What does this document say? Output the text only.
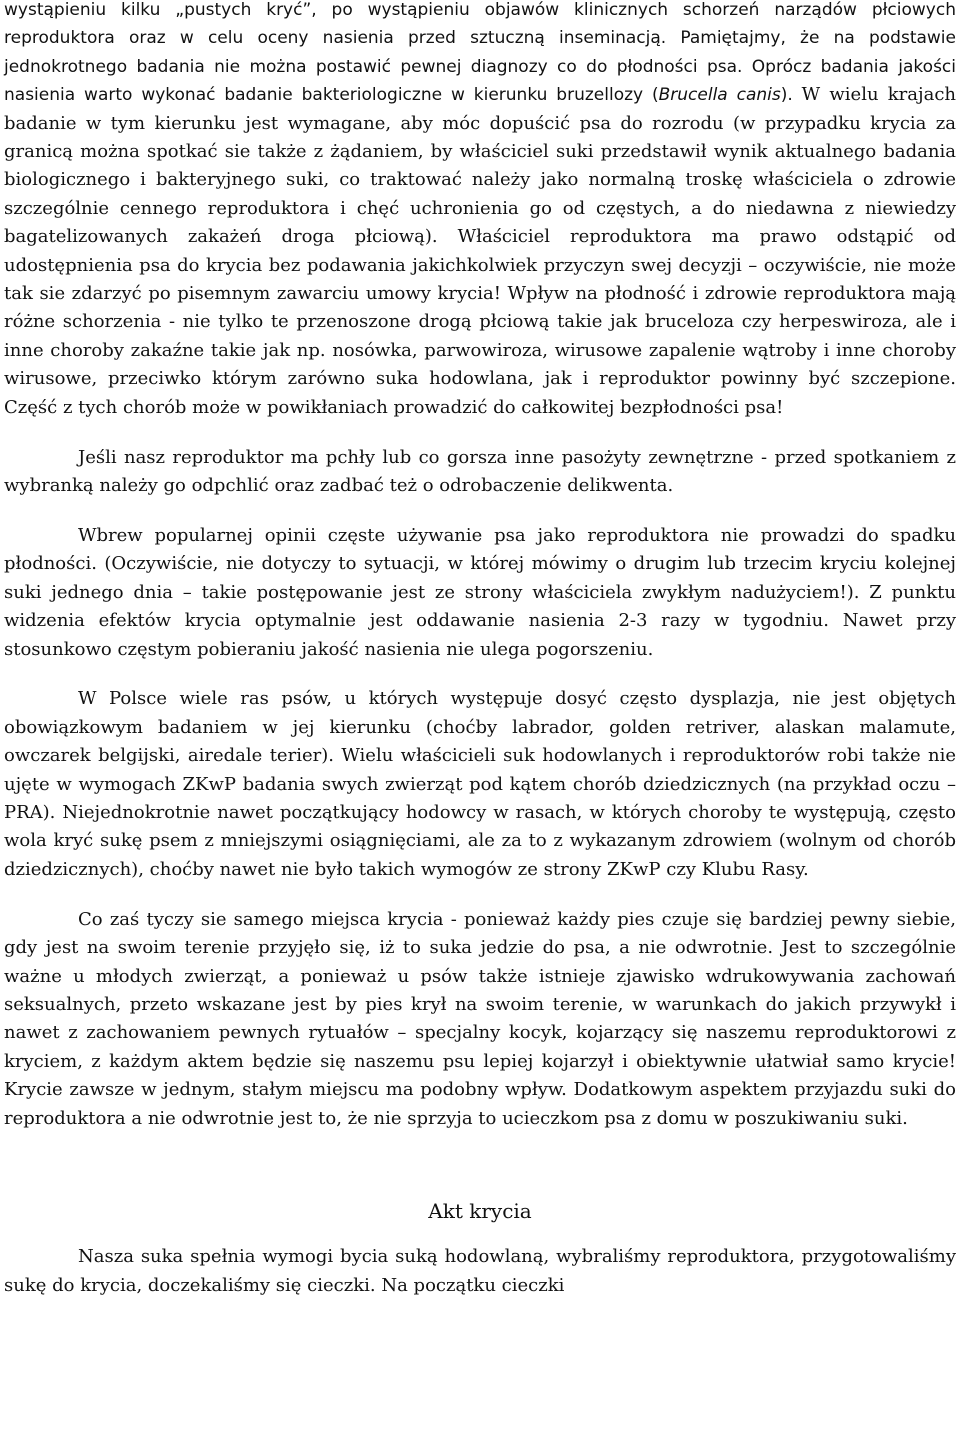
wystąpieniu kilku „pustych kryć”, po wystąpieniu objawów klinicznych schorzeń narządów płciowych reproduktora oraz w celu oceny nasienia przed sztuczną inseminacją. Pamiętajmy, że na podstawie jednokrotnego badania nie można postawić pewnej diagnozy co do płodności psa. Oprócz badania jakości nasienia warto wykonać badanie bakteriologiczne w kierunku bruzellozy (Brucella canis). W wielu krajach badanie w tym kierunku jest wymagane, aby móc dopuścić psa do rozrodu (w przypadku krycia za granicą można spotkać sie także z żądaniem, by właściciel suki przedstawił wynik aktualnego badania biologicznego i bakteryjnego suki, co traktować należy jako normalną troskę właściciela o zdrowie szczególnie cennego reproduktora i chęć uchronienia go od częstych, a do niedawna z niewiedzy bagatelizowanych zakażeń droga płciową). Właściciel reproduktora ma prawo odstąpić od udostępnienia psa do krycia bez podawania jakichkolwiek przyczyn swej decyzji – oczywiście, nie może tak sie zdarzyć po pisemnym zawarciu umowy krycia! Wpływ na płodność i zdrowie reproduktora mają różne schorzenia - nie tylko te przenoszone drogą płciową takie jak bruceloza czy herpeswiroza, ale i inne choroby zakaźne takie jak np. nosówka, parwowiroza, wirusowe zapalenie wątroby i inne choroby wirusowe, przeciwko którym zarówno suka hodowlana, jak i reproduktor powinny być szczepione. Część z tych chorób może w powikłaniach prowadzić do całkowitej bezpłodności psa!

Jeśli nasz reproduktor ma pchły lub co gorsza inne pasożyty zewnętrzne - przed spotkaniem z wybranką należy go odpchlić oraz zadbać też o odrobaczenie delikwenta.

Wbrew popularnej opinii częste używanie psa jako reproduktora nie prowadzi do spadku płodności. (Oczywiście, nie dotyczy to sytuacji, w której mówimy o drugim lub trzecim kryciu kolejnej suki jednego dnia – takie postępowanie jest ze strony właściciela zwykłym nadużyciem!). Z punktu widzenia efektów krycia optymalnie jest oddawanie nasienia 2-3 razy w tygodniu. Nawet przy stosunkowo częstym pobieraniu jakość nasienia nie ulega pogorszeniu.

W Polsce wiele ras psów, u których występuje dosyć często dysplazja, nie jest objętych obowiązkowym badaniem w jej kierunku (choćby labrador, golden retriver, alaskan malamute, owczarek belgijski, airedale terier). Wielu właścicieli suk hodowlanych i reproduktorów robi także nie ujęte w wymogach ZKwP badania swych zwierząt pod kątem chorób dziedzicznych (na przykład oczu – PRA). Niejednokrotnie nawet początkujący hodowcy w rasach, w których choroby te występują, często wola kryć sukę psem z mniejszymi osiągnięciami, ale za to z wykazanym zdrowiem (wolnym od chorób dziedzicznych), choćby nawet nie było takich wymogów ze strony ZKwP czy Klubu Rasy.

Co zaś tyczy sie samego miejsca krycia - ponieważ każdy pies czuje się bardziej pewny siebie, gdy jest na swoim terenie przyjęło się, iż to suka jedzie do psa, a nie odwrotnie. Jest to szczególnie ważne u młodych zwierząt, a ponieważ u psów także istnieje zjawisko wdrukowywania zachowań seksualnych, przeto wskazane jest by pies krył na swoim terenie, w warunkach do jakich przywykł i nawet z zachowaniem pewnych rytuałów – specjalny kocyk, kojarzący się naszemu reproduktorowi z kryciem, z każdym aktem będzie się naszemu psu lepiej kojarzył i obiektywnie ułatwiał samo krycie! Krycie zawsze w jednym, stałym miejscu ma podobny wpływ. Dodatkowym aspektem przyjazdu suki do reproduktora a nie odwrotnie jest to, że nie sprzyja to ucieczkom psa z domu w poszukiwaniu suki.

Akt krycia

Nasza suka spełnia wymogi bycia suką hodowlaną, wybraliśmy reproduktora, przygotowaliśmy sukę do krycia, doczekaliśmy się cieczki. Na początku cieczki
